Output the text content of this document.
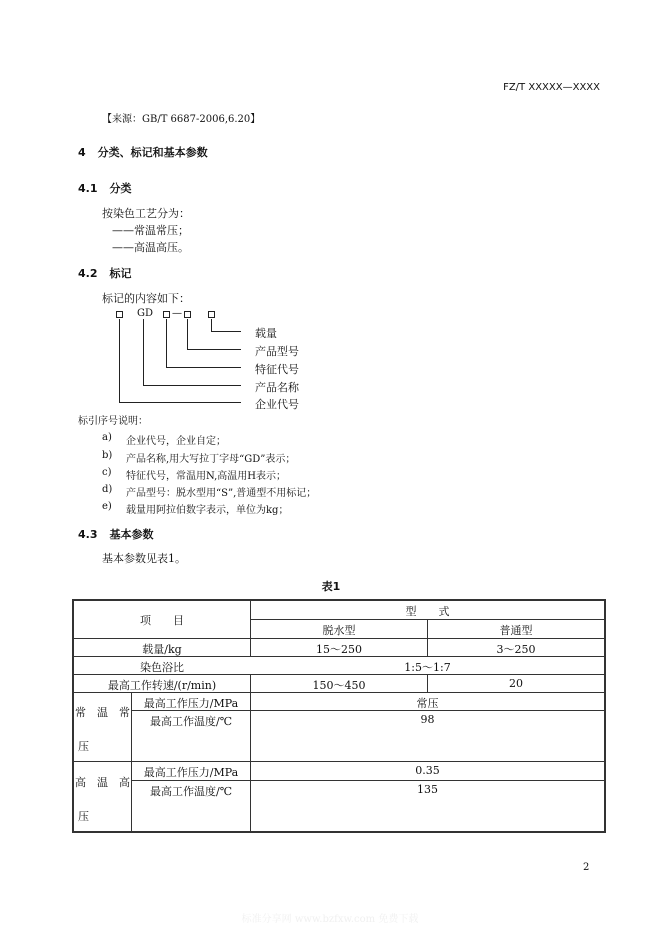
FZ/T XXXXX—XXXX
【来源：GB/T 6687-2006,6.20】
4 分类、标记和基本参数
4.1 分类
按染色工艺分为：
——常温常压；
——高温高压。
4.2 标记
标记的内容如下：
GD —
载量
产品型号
特征代号
产品名称
企业代号
标引序号说明：
a) 企业代号，企业自定；
b) 产品名称,用大写拉丁字母“GD”表示；
c) 特征代号，常温用N,高温用H表示；
d) 产品型号：脱水型用“S”,普通型不用标记；
e) 载量用阿拉伯数字表示，单位为kg；
4.3 基本参数
基本参数见表1。
表1
项　　目
型　　式
脱水型	普通型
载量/kg	15～250	3～250
染色浴比	1:5～1:7
最高工作转速/(r/min)	150～450	20
常　温　常
压
最高工作压力/MPa	常压
最高工作温度/℃	98
高　温　高
压
最高工作压力/MPa	0.35
最高工作温度/℃	135
2
标准分享网 www.bzfxw.com 免费下载
